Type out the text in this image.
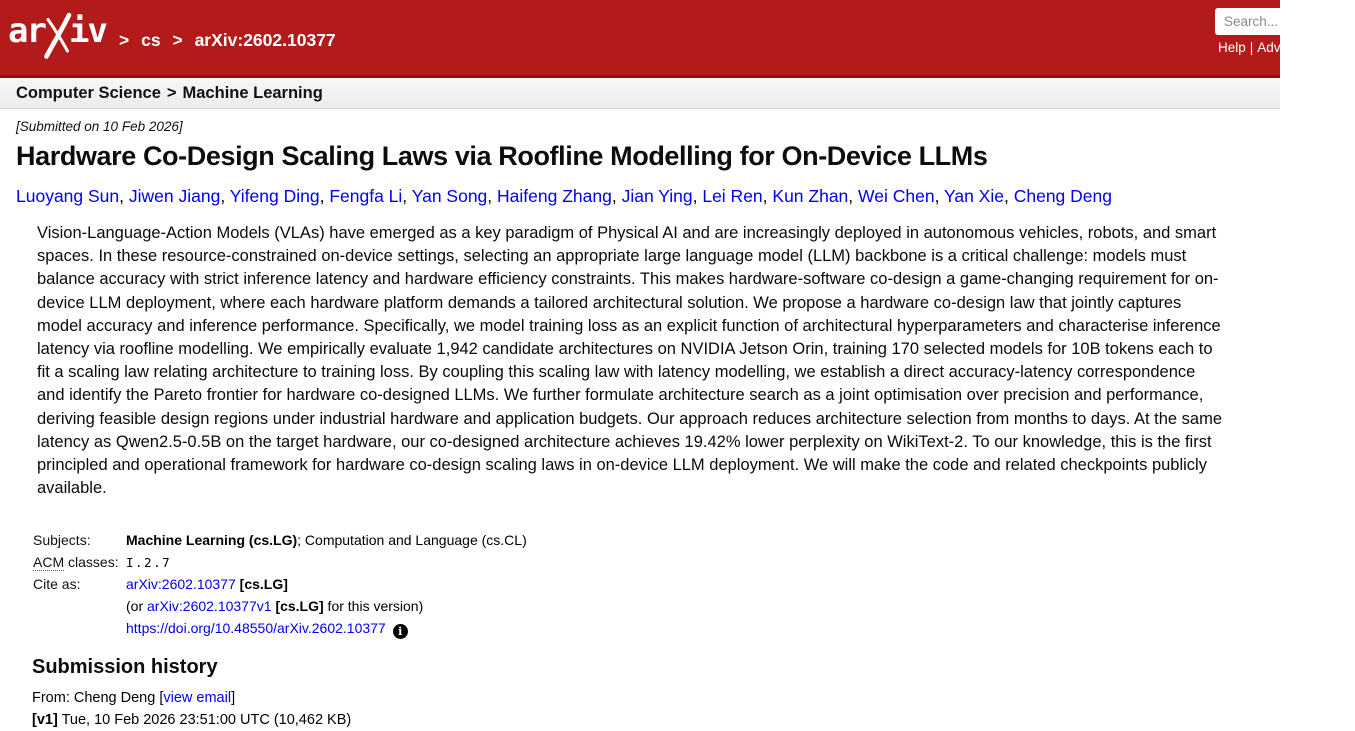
ar iv > cs > arXiv:2602.10377
Search...	Help | Adv
Computer Science > Machine Learning
[Submitted on 10 Feb 2026]
Hardware Co-Design Scaling Laws via Roofline Modelling for On-Device LLMs
Luoyang Sun, Jiwen Jiang, Yifeng Ding, Fengfa Li, Yan Song, Haifeng Zhang, Jian Ying, Lei Ren, Kun Zhan, Wei Chen, Yan Xie, Cheng Deng
Vision-Language-Action Models (VLAs) have emerged as a key paradigm of Physical AI and are increasingly deployed in autonomous vehicles, robots, and smart spaces. In these resource-constrained on-device settings, selecting an appropriate large language model (LLM) backbone is a critical challenge: models must balance accuracy with strict inference latency and hardware efficiency constraints. This makes hardware-software co-design a game-changing requirement for on-device LLM deployment, where each hardware platform demands a tailored architectural solution. We propose a hardware co-design law that jointly captures model accuracy and inference performance. Specifically, we model training loss as an explicit function of architectural hyperparameters and characterise inference latency via roofline modelling. We empirically evaluate 1,942 candidate architectures on NVIDIA Jetson Orin, training 170 selected models for 10B tokens each to fit a scaling law relating architecture to training loss. By coupling this scaling law with latency modelling, we establish a direct accuracy-latency correspondence and identify the Pareto frontier for hardware co-designed LLMs. We further formulate architecture search as a joint optimisation over precision and performance, deriving feasible design regions under industrial hardware and application budgets. Our approach reduces architecture selection from months to days. At the same latency as Qwen2.5-0.5B on the target hardware, our co-designed architecture achieves 19.42% lower perplexity on WikiText-2. To our knowledge, this is the first principled and operational framework for hardware co-design scaling laws in on-device LLM deployment. We will make the code and related checkpoints publicly available.
Subjects:	Machine Learning (cs.LG); Computation and Language (cs.CL)
ACM classes: I.2.7
Cite as:	arXiv:2602.10377 [cs.LG]
(or arXiv:2602.10377v1 [cs.LG] for this version)
https://doi.org/10.48550/arXiv.2602.10377 i
Submission history
From: Cheng Deng [view email]
[v1] Tue, 10 Feb 2026 23:51:00 UTC (10,462 KB)
